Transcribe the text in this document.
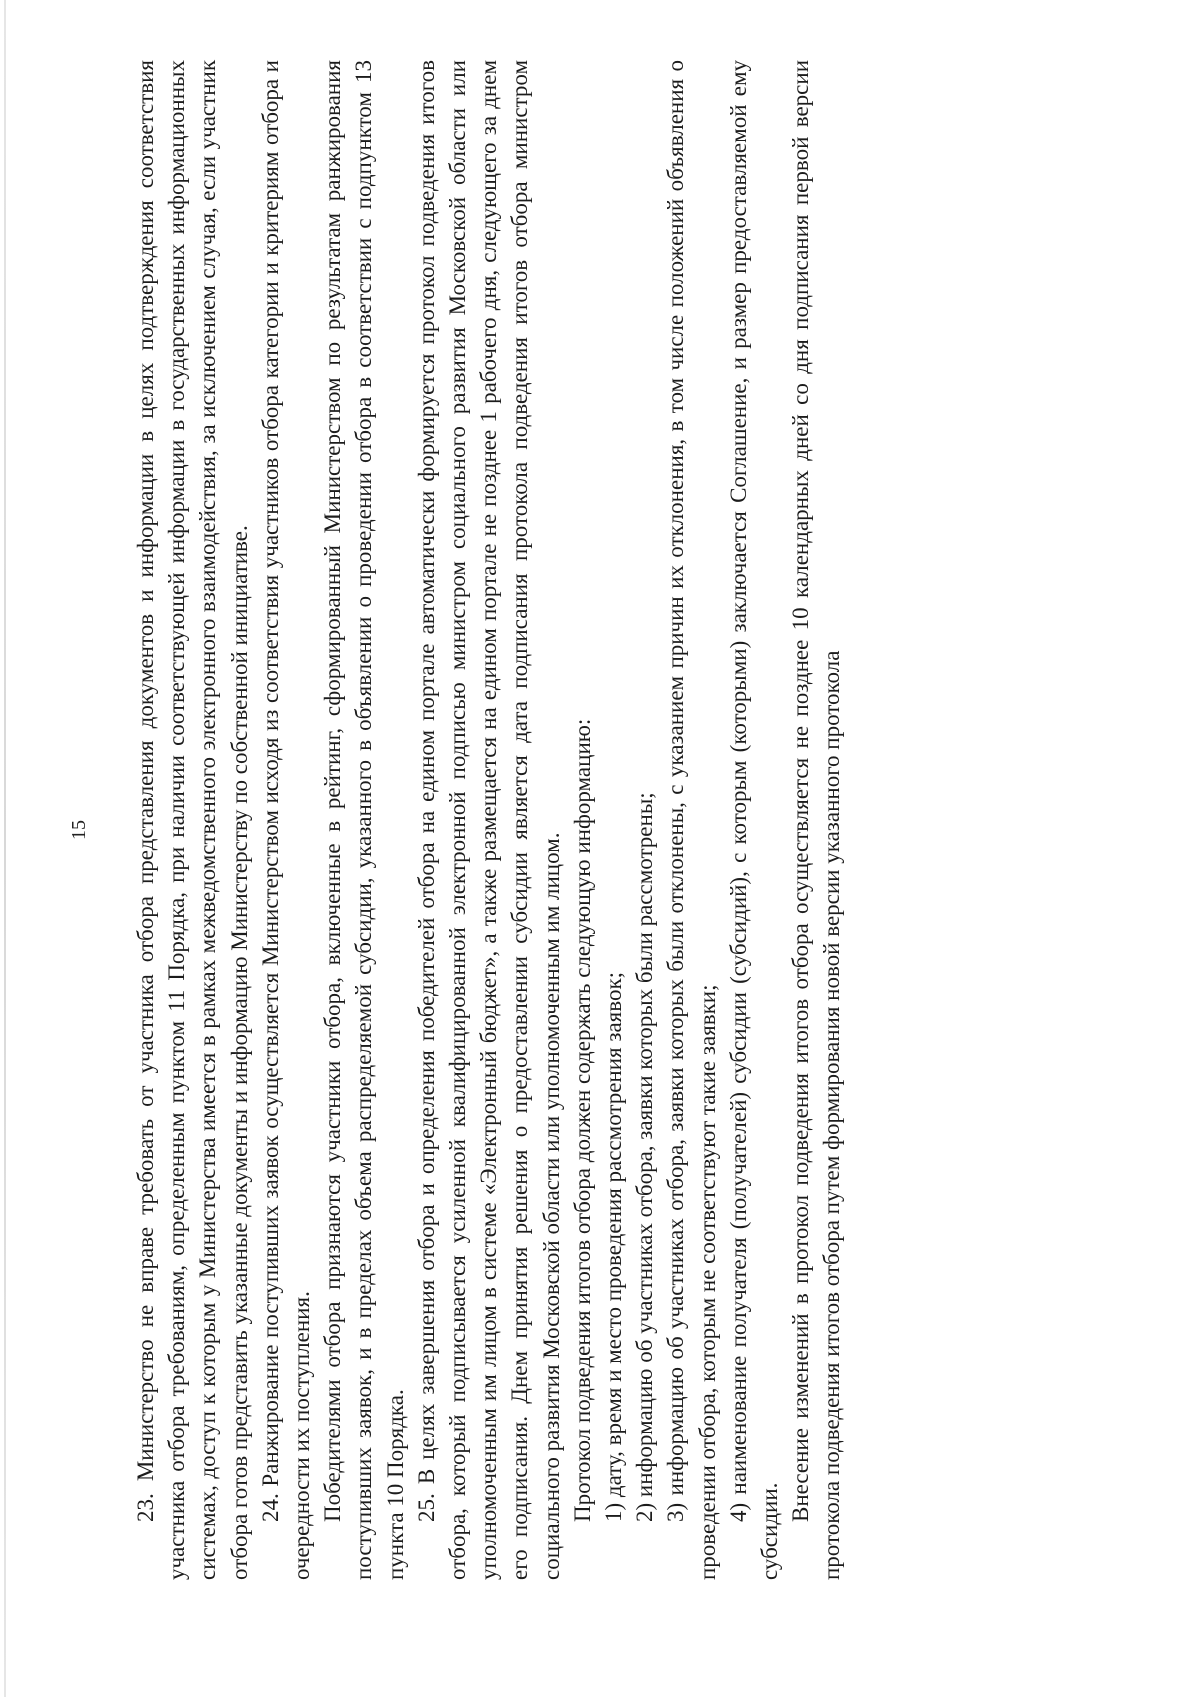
15 23. Министерство не вправе требовать от участника отбора представления документов и информации в целях подтверждения соответствия участника отбора требованиям, определенным пунктом 11 Порядка, при наличии соответствующей информации в государственных информационных системах, доступ к которым у Министерства имеется в рамках межведомственного электронного взаимодействия, за исключением случая, если участник отбора готов представить указанные документы и информацию Министерству по собственной инициативе. 24. Ранжирование поступивших заявок осуществляется Министерством исходя из соответствия участников отбора категории и критериям отбора и очередности их поступления. Победителями отбора признаются участники отбора, включенные в рейтинг, сформированный Министерством по результатам ранжирования поступивших заявок, и в пределах объема распределяемой субсидии, указанного в объявлении о проведении отбора в соответствии с подпунктом 13 пункта 10 Порядка. 25. В целях завершения отбора и определения победителей отбора на едином портале автоматически формируется протокол подведения итогов отбора, который подписывается усиленной квалифицированной электронной подписью министром социального развития Московской области или уполномоченным им лицом в системе «Электронный бюджет», а также размещается на едином портале не позднее 1 рабочего дня, следующего за днем его подписания. Днем принятия решения о предоставлении субсидии является дата подписания протокола подведения итогов отбора министром социального развития Московской области или уполномоченным им лицом. Протокол подведения итогов отбора должен содержать следующую информацию: 1) дату, время и место проведения рассмотрения заявок; 2) информацию об участниках отбора, заявки которых были рассмотрены; 3) информацию об участниках отбора, заявки которых были отклонены, с указанием причин их отклонения, в том числе положений объявления о проведении отбора, которым не соответствуют такие заявки; 4) наименование получателя (получателей) субсидии (субсидий), с которым (которыми) заключается Соглашение, и размер предоставляемой ему субсидии.

Внесение изменений в протокол подведения итогов отбора осуществляется не позднее 10 календарных дней со дня подписания первой версии протокола подведения итогов отбора путем формирования новой версии указанного протокола
